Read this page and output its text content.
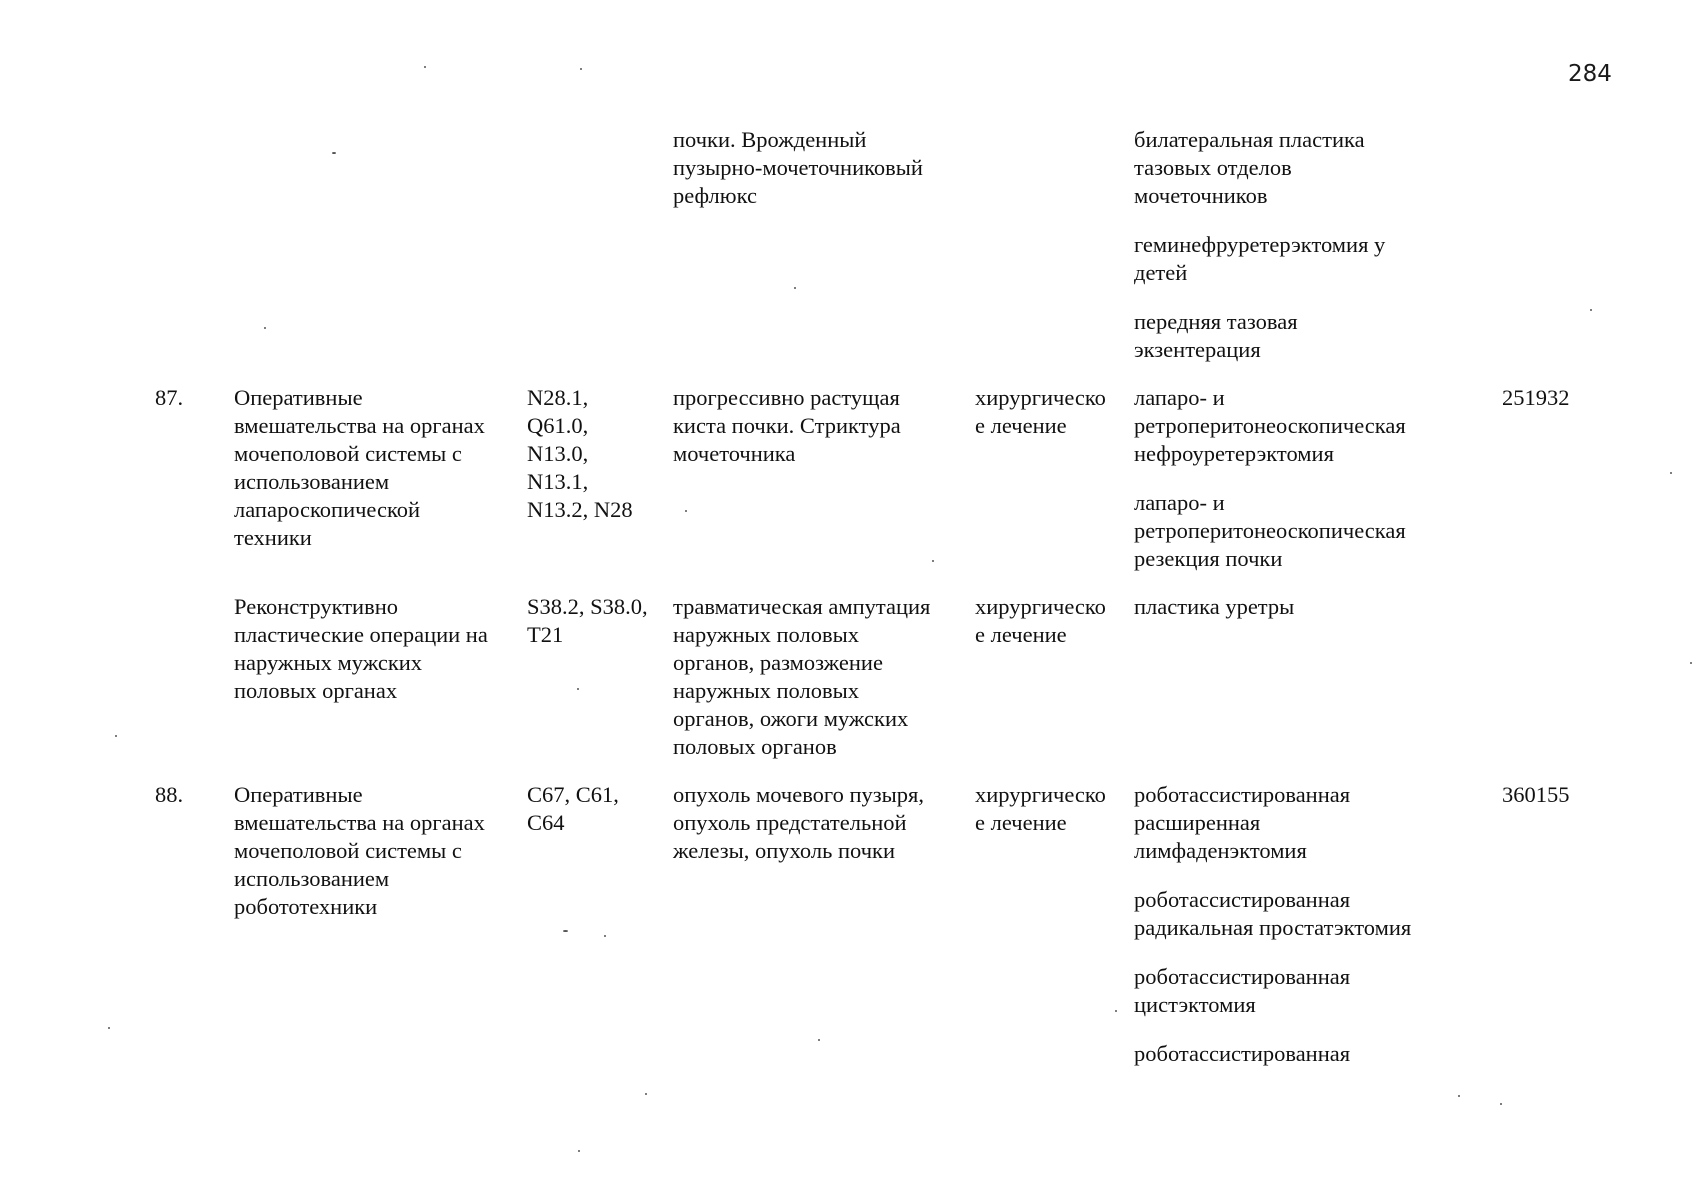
284
почки. Врожденный
пузырно-мочеточниковый
рефлюкс
билатеральная пластика
тазовых отделов
мочеточников
геминефруретерэктомия у
детей
передняя тазовая
экзентерация
87. Оперативные
вмешательства на органах
мочеполовой системы с
использованием
лапароскопической
техники
N28.1,
Q61.0,
N13.0,
N13.1,
N13.2, N28
прогрессивно растущая
киста почки. Стриктура
мочеточника
хирургическо
е лечение
лапаро- и
ретроперитонеоскопическая
нефроуретерэктомия
лапаро- и
ретроперитонеоскопическая
резекция почки
251932
Реконструктивно
пластические операции на
наружных мужских
половых органах
S38.2, S38.0,
T21
травматическая ампутация
наружных половых
органов, размозжение
наружных половых
органов, ожоги мужских
половых органов
хирургическо
е лечение
пластика уретры
88. Оперативные
вмешательства на органах
мочеполовой системы с
использованием
робототехники
C67, C61,
C64
опухоль мочевого пузыря,
опухоль предстательной
железы, опухоль почки
хирургическо
е лечение
роботассистированная
расширенная
лимфаденэктомия
роботассистированная
радикальная простатэктомия
роботассистированная
цистэктомия
роботассистированная
360155
